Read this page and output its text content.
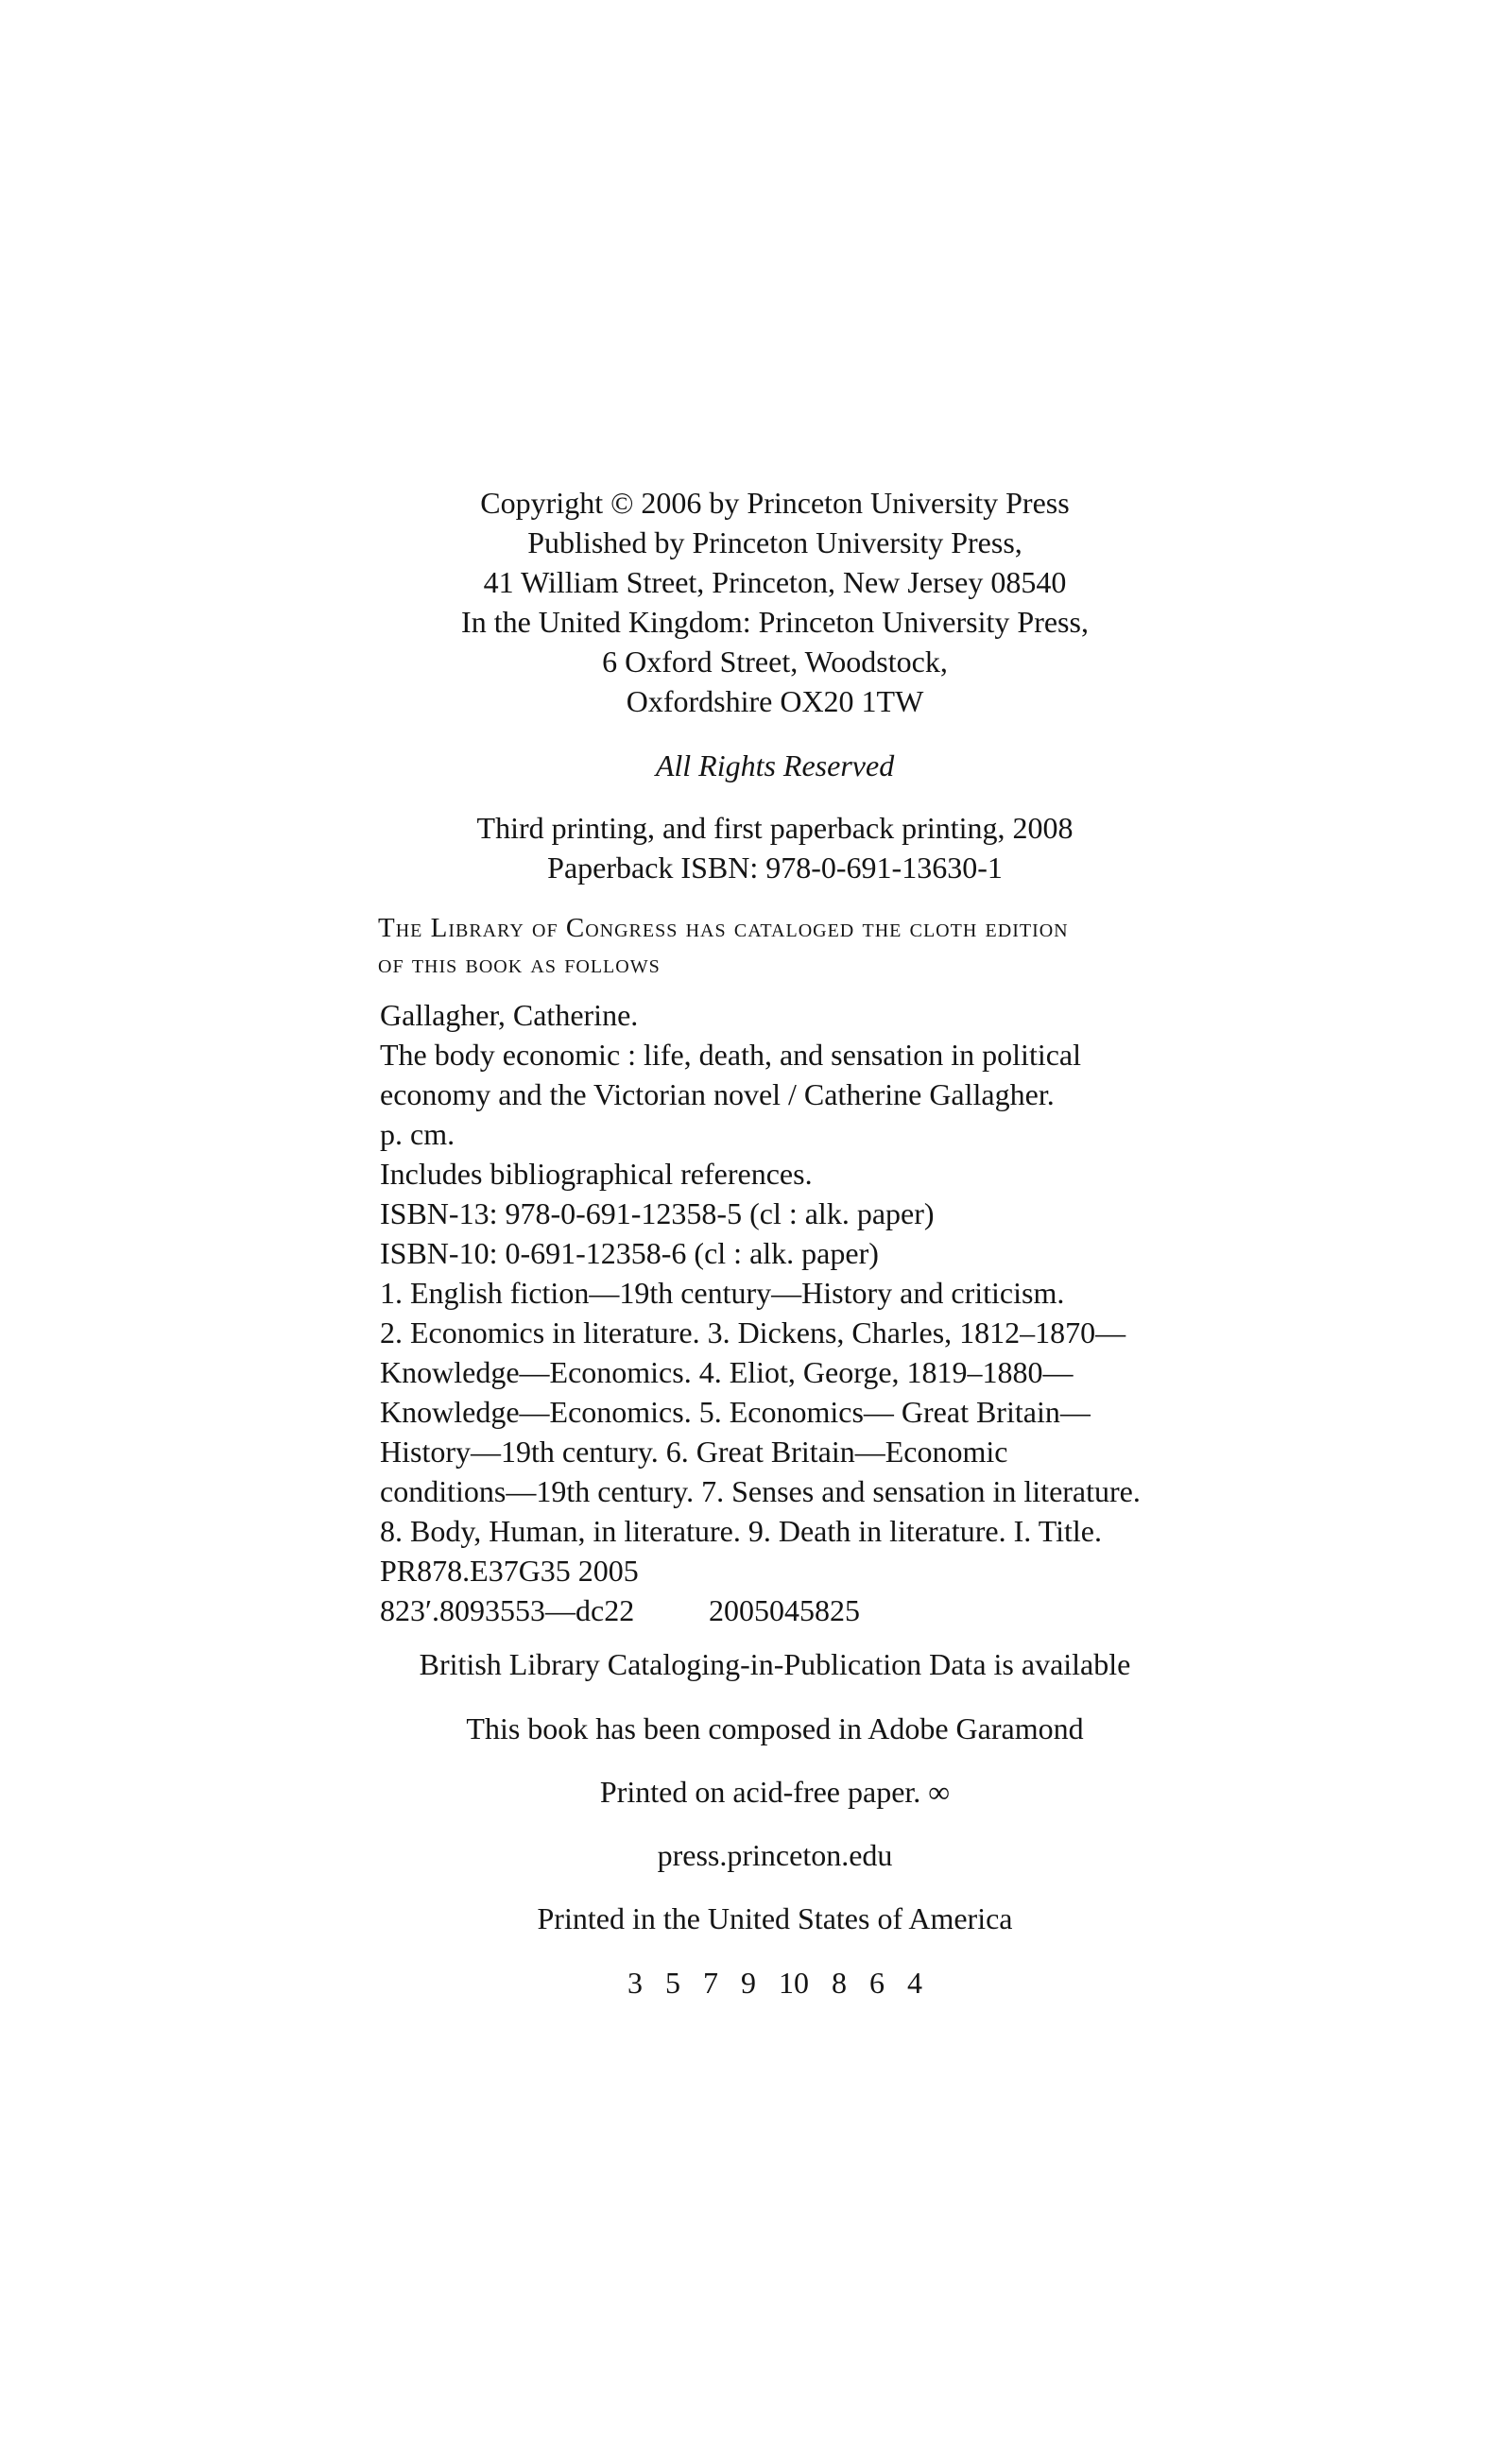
Copyright © 2006 by Princeton University Press
Published by Princeton University Press,
41 William Street, Princeton, New Jersey 08540
In the United Kingdom: Princeton University Press,
6 Oxford Street, Woodstock,
Oxfordshire OX20 1TW
All Rights Reserved
Third printing, and first paperback printing, 2008
Paperback ISBN: 978-0-691-13630-1
The Library of Congress has cataloged the cloth edition
of this book as follows
Gallagher, Catherine.
The body economic : life, death, and sensation in political
economy and the Victorian novel / Catherine Gallagher.
p. cm.
Includes bibliographical references.
ISBN-13: 978-0-691-12358-5 (cl : alk. paper)
ISBN-10: 0-691-12358-6 (cl : alk. paper)
1. English fiction—19th century—History and criticism.
2. Economics in literature. 3. Dickens, Charles, 1812–1870—
Knowledge—Economics. 4. Eliot, George, 1819–1880—
Knowledge—Economics. 5. Economics— Great Britain—
History—19th century. 6. Great Britain—Economic
conditions—19th century. 7. Senses and sensation in literature.
8. Body, Human, in literature. 9. Death in literature. I. Title.
PR878.E37G35 2005
823′.8093553—dc22	2005045825
British Library Cataloging-in-Publication Data is available
This book has been composed in Adobe Garamond
Printed on acid-free paper. ∞
press.princeton.edu
Printed in the United States of America
3 5 7 9 10 8 6 4
